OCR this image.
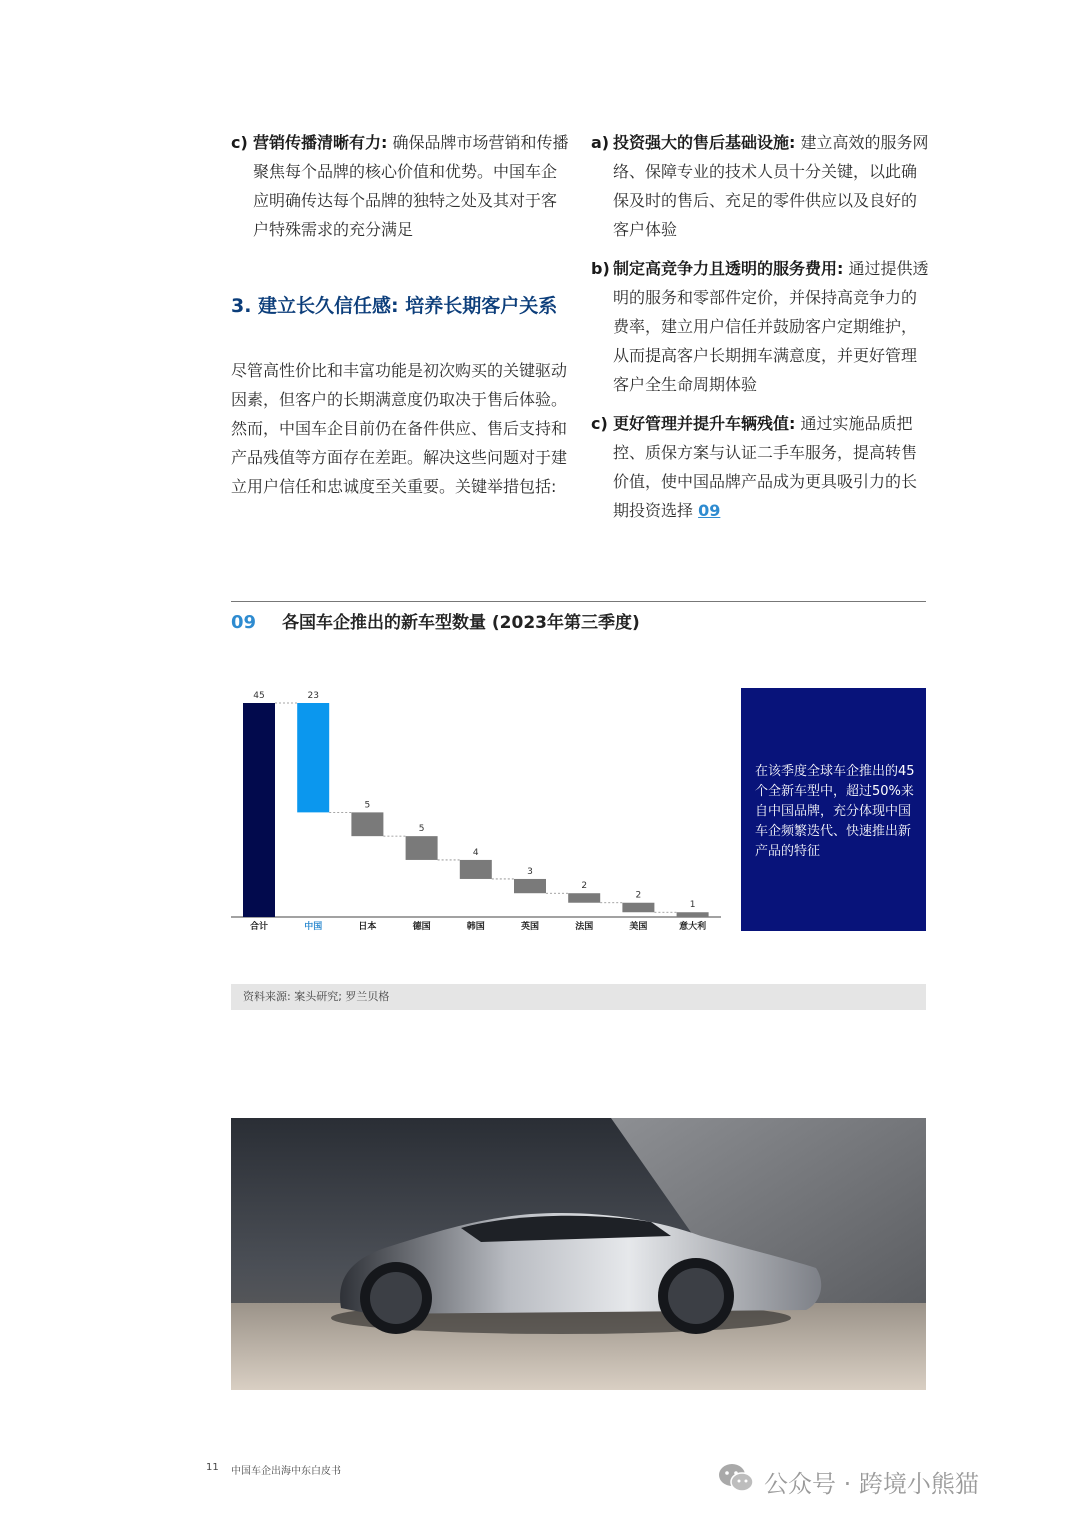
c) 营销传播清晰有力: 确保品牌市场营销和传播聚焦每个品牌的核心价值和优势。中国车企应明确传达每个品牌的独特之处及其对于客户特殊需求的充分满足

3. 建立长久信任感: 培养长期客户关系

尽管高性价比和丰富功能是初次购买的关键驱动因素，但客户的长期满意度仍取决于售后体验。然而，中国车企目前仍在备件供应、售后支持和产品残值等方面存在差距。解决这些问题对于建立用户信任和忠诚度至关重要。关键举措包括:

a) 投资强大的售后基础设施: 建立高效的服务网络、保障专业的技术人员十分关键，以此确保及时的售后、充足的零件供应以及良好的客户体验

b) 制定高竞争力且透明的服务费用: 通过提供透明的服务和零部件定价，并保持高竞争力的费率，建立用户信任并鼓励客户定期维护，从而提高客户长期拥车满意度，并更好管理客户全生命周期体验

c) 更好管理并提升车辆残值: 通过实施品质把控、质保方案与认证二手车服务，提高转售价值，使中国品牌产品成为更具吸引力的长期投资选择 09

09 各国车企推出的新车型数量 (2023年第三季度)
45
合计
23
中国
5
日本
5
德国
4
韩国
3
英国
2
法国
2
美国
1
意大利
在该季度全球车企推出的45个全新车型中，超过50%来自中国品牌，充分体现中国车企频繁迭代、快速推出新产品的特征
资料来源: 案头研究; 罗兰贝格
11 中国车企出海中东白皮书	公众号 · 跨境小熊猫
